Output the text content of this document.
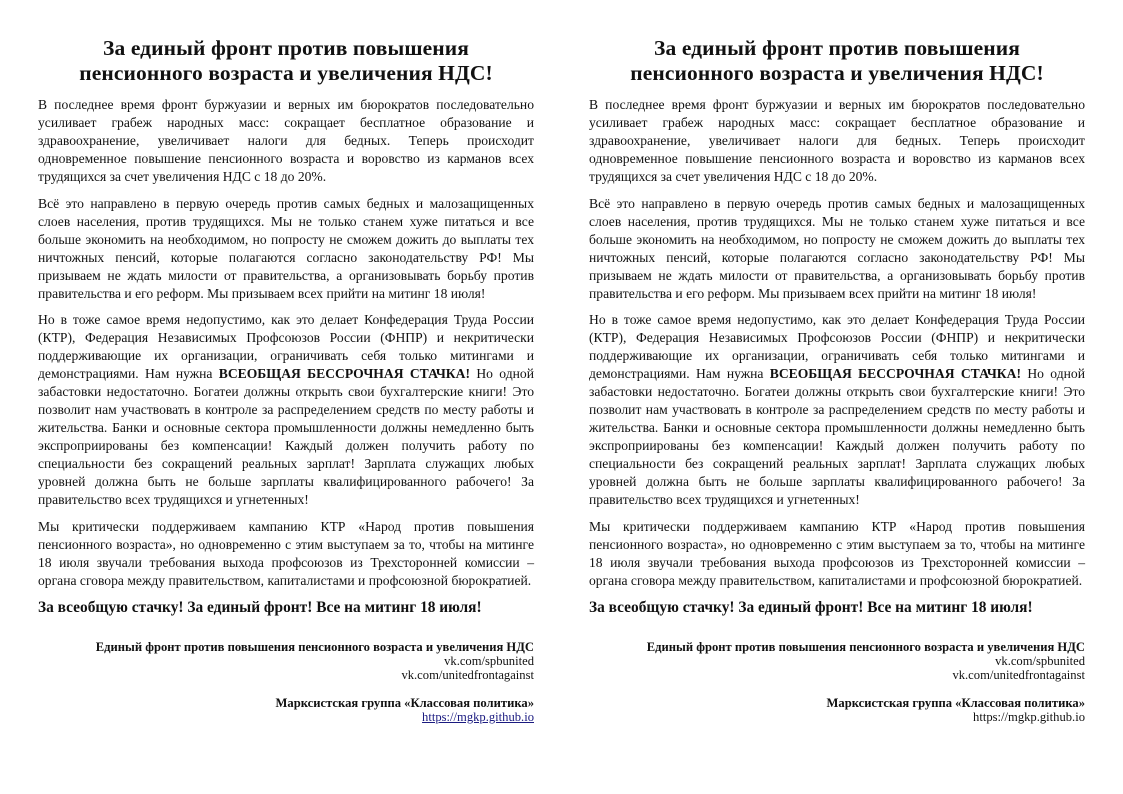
За единый фронт против повышения
пенсионного возраста и увеличения НДС!

В последнее время фронт буржуазии и верных им бюрократов последовательно усиливает грабеж народных масс: сокращает бесплатное образование и здравоохранение, увеличивает налоги для бедных. Теперь происходит одновременное повышение пенсионного возраста и воровство из карманов всех трудящихся за счет увеличения НДС с 18 до 20%.

Всё это направлено в первую очередь против самых бедных и малозащищенных слоев населения, против трудящихся. Мы не только станем хуже питаться и все больше экономить на необходимом, но попросту не сможем дожить до выплаты тех ничтожных пенсий, которые полагаются согласно законодательству РФ! Мы призываем не ждать милости от правительства, а организовывать борьбу против правительства и его реформ. Мы призываем всех прийти на митинг 18 июля!

Но в тоже самое время недопустимо, как это делает Конфедерация Труда России (КТР), Федерация Независимых Профсоюзов России (ФНПР) и некритически поддерживающие их организации, ограничивать себя только митингами и демонстрациями. Нам нужна ВСЕОБЩАЯ БЕССРОЧНАЯ СТАЧКА! Но одной забастовки недостаточно. Богатеи должны открыть свои бухгалтерские книги! Это позволит нам участвовать в контроле за распределением средств по месту работы и жительства. Банки и основные сектора промышленности должны немедленно быть экспроприированы без компенсации! Каждый должен получить работу по специальности без сокращений реальных зарплат! Зарплата служащих любых уровней должна быть не больше зарплаты квалифицированного рабочего! За правительство всех трудящихся и угнетенных!

Мы критически поддерживаем кампанию КТР «Народ против повышения пенсионного возраста», но одновременно с этим выступаем за то, чтобы на митинге 18 июля звучали требования выхода профсоюзов из Трехсторонней комиссии – органа сговора между правительством, капиталистами и профсоюзной бюрократией.

За всеобщую стачку! За единый фронт! Все на митинг 18 июля!

Единый фронт против повышения пенсионного возраста и увеличения НДС
vk.com/spbunited
vk.com/unitedfrontagainst
Марксистская группа «Классовая политика»
https://mgkp.github.io
За единый фронт против повышения
пенсионного возраста и увеличения НДС!

В последнее время фронт буржуазии и верных им бюрократов последовательно усиливает грабеж народных масс: сокращает бесплатное образование и здравоохранение, увеличивает налоги для бедных. Теперь происходит одновременное повышение пенсионного возраста и воровство из карманов всех трудящихся за счет увеличения НДС с 18 до 20%.

Всё это направлено в первую очередь против самых бедных и малозащищенных слоев населения, против трудящихся. Мы не только станем хуже питаться и все больше экономить на необходимом, но попросту не сможем дожить до выплаты тех ничтожных пенсий, которые полагаются согласно законодательству РФ! Мы призываем не ждать милости от правительства, а организовывать борьбу против правительства и его реформ. Мы призываем всех прийти на митинг 18 июля!

Но в тоже самое время недопустимо, как это делает Конфедерация Труда России (КТР), Федерация Независимых Профсоюзов России (ФНПР) и некритически поддерживающие их организации, ограничивать себя только митингами и демонстрациями. Нам нужна ВСЕОБЩАЯ БЕССРОЧНАЯ СТАЧКА! Но одной забастовки недостаточно. Богатеи должны открыть свои бухгалтерские книги! Это позволит нам участвовать в контроле за распределением средств по месту работы и жительства. Банки и основные сектора промышленности должны немедленно быть экспроприированы без компенсации! Каждый должен получить работу по специальности без сокращений реальных зарплат! Зарплата служащих любых уровней должна быть не больше зарплаты квалифицированного рабочего! За правительство всех трудящихся и угнетенных!

Мы критически поддерживаем кампанию КТР «Народ против повышения пенсионного возраста», но одновременно с этим выступаем за то, чтобы на митинге 18 июля звучали требования выхода профсоюзов из Трехсторонней комиссии – органа сговора между правительством, капиталистами и профсоюзной бюрократией.

За всеобщую стачку! За единый фронт! Все на митинг 18 июля!

Единый фронт против повышения пенсионного возраста и увеличения НДС
vk.com/spbunited
vk.com/unitedfrontagainst
Марксистская группа «Классовая политика»
https://mgkp.github.io
